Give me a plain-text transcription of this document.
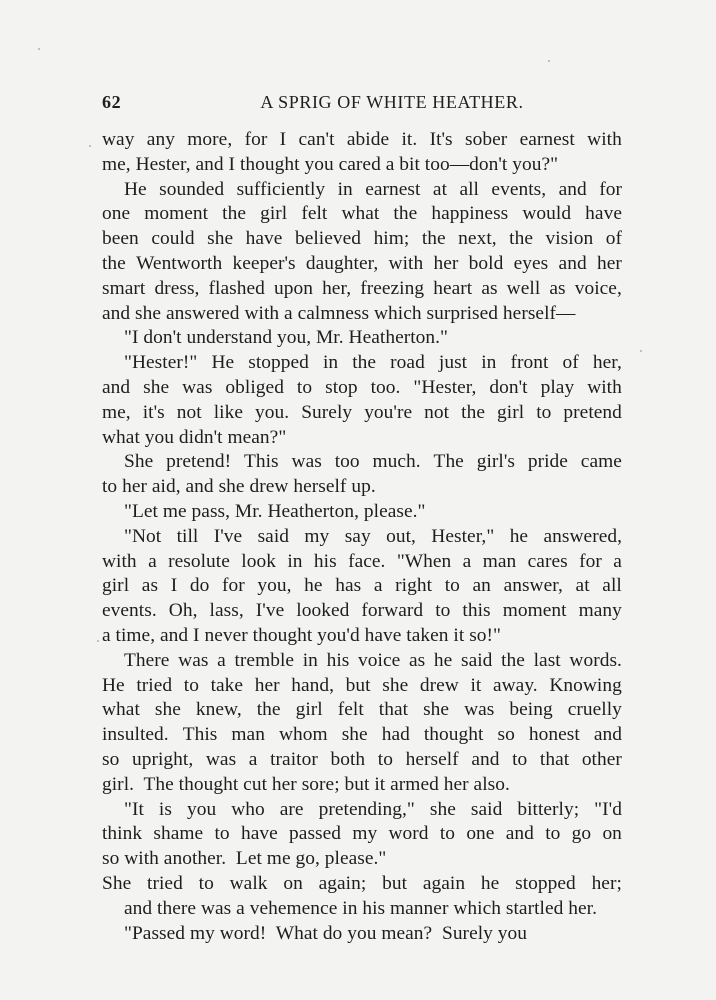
62	A SPRIG OF WHITE HEATHER.
way any more, for I can't abide it. It's sober earnest with
me, Hester, and I thought you cared a bit too—don't you?"
He sounded sufficiently in earnest at all events, and for
one moment the girl felt what the happiness would have
been could she have believed him; the next, the vision of
the Wentworth keeper's daughter, with her bold eyes and her
smart dress, flashed upon her, freezing heart as well as voice,
and she answered with a calmness which surprised herself—
"I don't understand you, Mr. Heatherton."
"Hester!" He stopped in the road just in front of her,
and she was obliged to stop too. "Hester, don't play with
me, it's not like you. Surely you're not the girl to pretend
what you didn't mean?"
She pretend! This was too much. The girl's pride came
to her aid, and she drew herself up.
"Let me pass, Mr. Heatherton, please."
"Not till I've said my say out, Hester," he answered,
with a resolute look in his face. "When a man cares for a
girl as I do for you, he has a right to an answer, at all
events. Oh, lass, I've looked forward to this moment many
a time, and I never thought you'd have taken it so!"
There was a tremble in his voice as he said the last words.
He tried to take her hand, but she drew it away. Knowing
what she knew, the girl felt that she was being cruelly
insulted. This man whom she had thought so honest and
so upright, was a traitor both to herself and to that other
girl.  The thought cut her sore; but it armed her also.
"It is you who are pretending," she said bitterly; "I'd
think shame to have passed my word to one and to go on
so with another.  Let me go, please."
She tried to walk on again; but again he stopped her;
and there was a vehemence in his manner which startled her.
"Passed my word!  What do you mean?  Surely you
